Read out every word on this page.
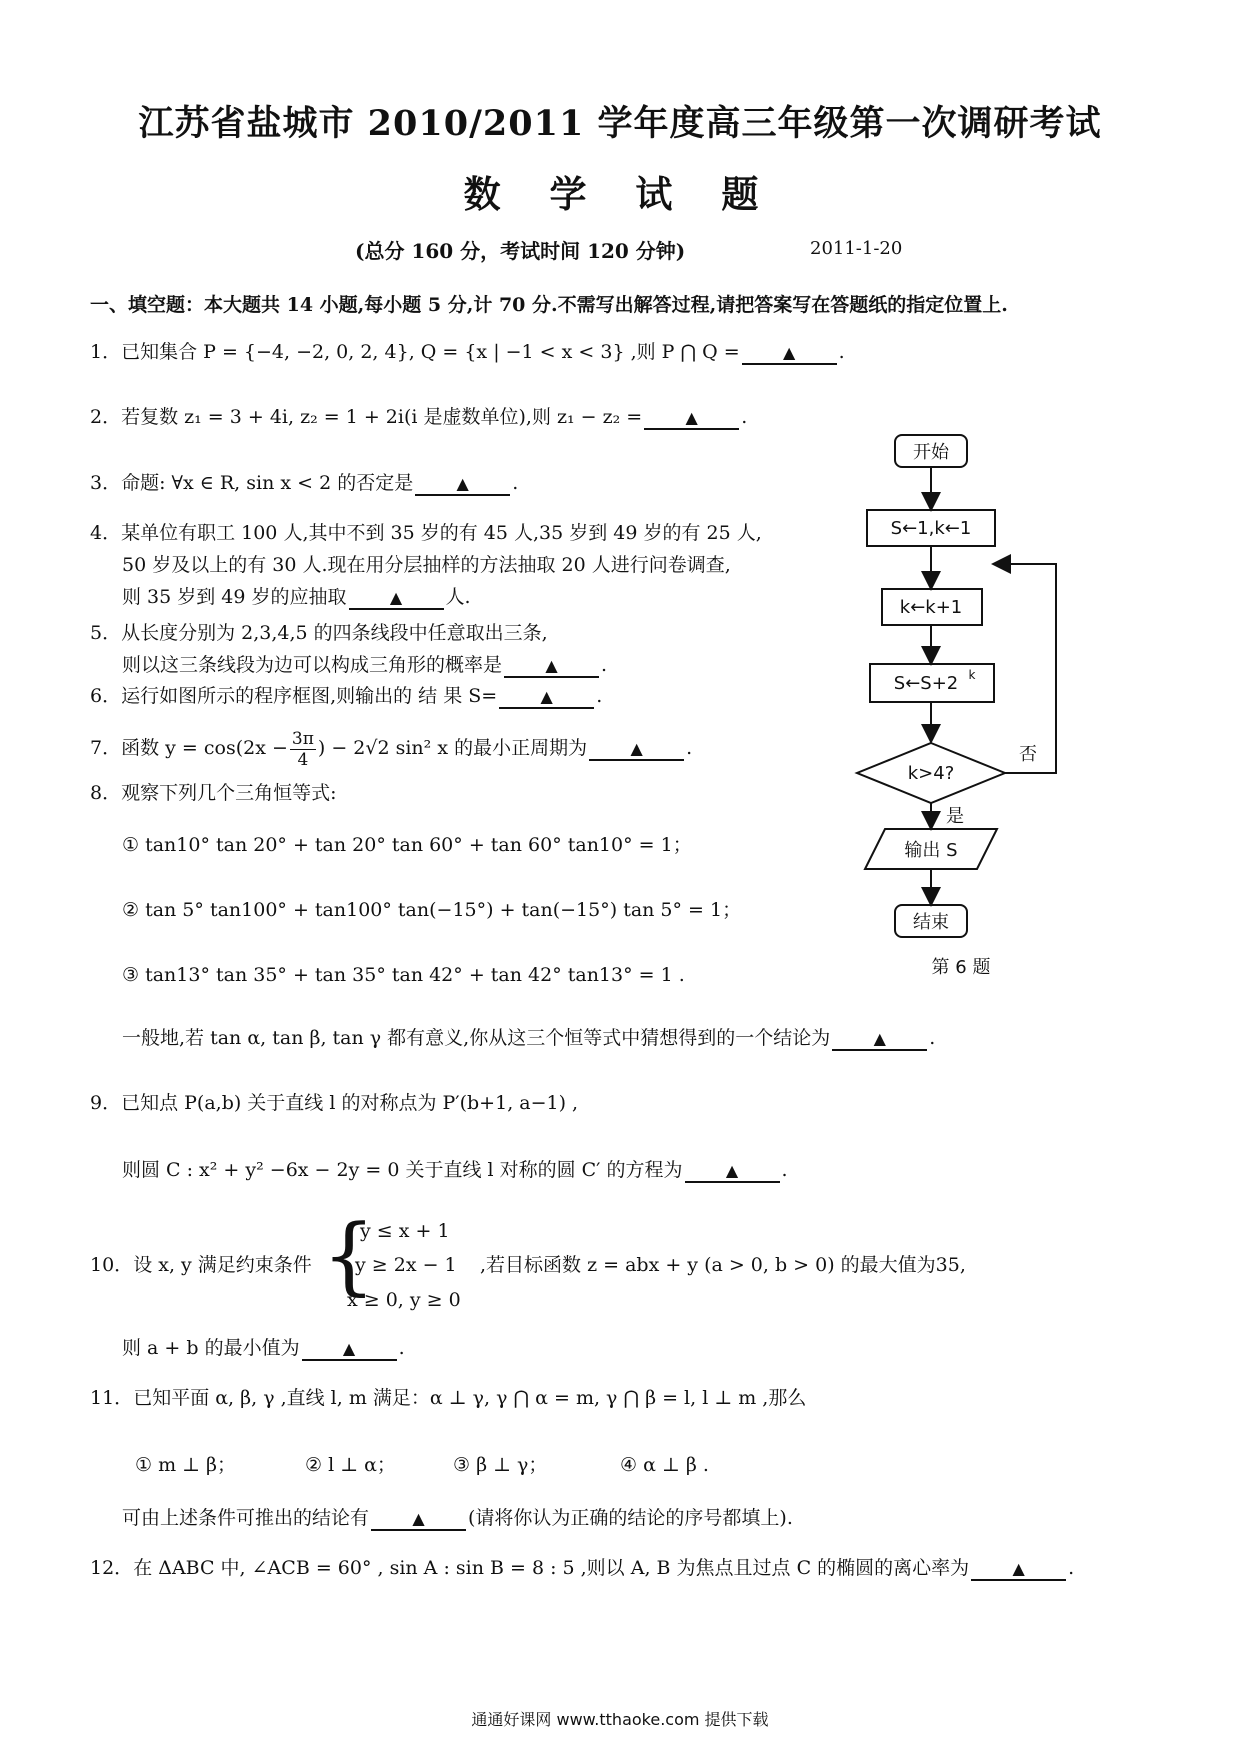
江苏省盐城市 2010/2011 学年度高三年级第一次调研考试
数 学 试 题
(总分 160 分，考试时间 120 分钟)	2011-1-20
一、填空题：本大题共 14 小题,每小题 5 分,计 70 分.不需写出解答过程,请把答案写在答题纸的指定位置上.
1．已知集合 P = {−4, −2, 0, 2, 4}, Q = {x | −1 < x < 3} ,则 P ⋂ Q =	▲ .
2．若复数 z₁ = 3 + 4i, z₂ = 1 + 2i(i 是虚数单位),则 z₁ − z₂ =	▲ .
3．命题: ∀x ∈ R, sin x < 2 的否定是	▲ .
4．某单位有职工 100 人,其中不到 35 岁的有 45 人,35 岁到 49 岁的有 25 人,
50 岁及以上的有 30 人.现在用分层抽样的方法抽取 20 人进行问卷调查,
则 35 岁到 49 岁的应抽取	▲ 人.
5．从长度分别为 2,3,4,5 的四条线段中任意取出三条,
则以这三条线段为边可以构成三角形的概率是	▲ .
6．运行如图所示的程序框图,则输出的 结 果 S=	▲ .
7．函数 $y = \cos(2x - \frac{3\pi}{4}$ ) − 2√2 sin² x 的最小正周期为	▲ .
8．观察下列几个三角恒等式:
① tan10° tan 20° + tan 20° tan 60° + tan 60° tan10° = 1；
② tan 5° tan100° + tan100° tan(−15°) + tan(−15°) tan 5° = 1；
③ tan13° tan 35° + tan 35° tan 42° + tan 42° tan13° = 1 .
一般地,若 tan α, tan β, tan γ 都有意义,你从这三个恒等式中猜想得到的一个结论为	▲ .
9．已知点 P(a,b) 关于直线 l 的对称点为 P′(b+1, a−1) ,
则圆 C : x² + y² −6x − 2y = 0 关于直线 l 对称的圆 C′ 的方程为	▲ .
10．设 x, y 满足约束条件 {
y ≤ x + 1
y ≥ 2x − 1
x ≥ 0, y ≥ 0
,若目标函数 z = abx + y (a > 0, b > 0) 的最大值为35,
则 a + b 的最小值为	▲ .
11．已知平面 α, β, γ ,直线 l, m 满足：α ⊥ γ, γ ⋂ α = m, γ ⋂ β = l, l ⊥ m ,那么
① m ⊥ β；	② l ⊥ α；	③ β ⊥ γ；	④ α ⊥ β .
可由上述条件可推出的结论有	▲ (请将你认为正确的结论的序号都填上).
12．在 ΔABC 中, ∠ACB = 60° , sin A : sin B = 8 : 5 ,则以 A, B 为焦点且过点 C 的椭圆的离心率为	▲ .
开始
S←1,k←1
k←k+1
S←S+2 k
k>4?
否
是
输出 S
结束
第 6 题
通通好课网 www.tthaoke.com 提供下载
